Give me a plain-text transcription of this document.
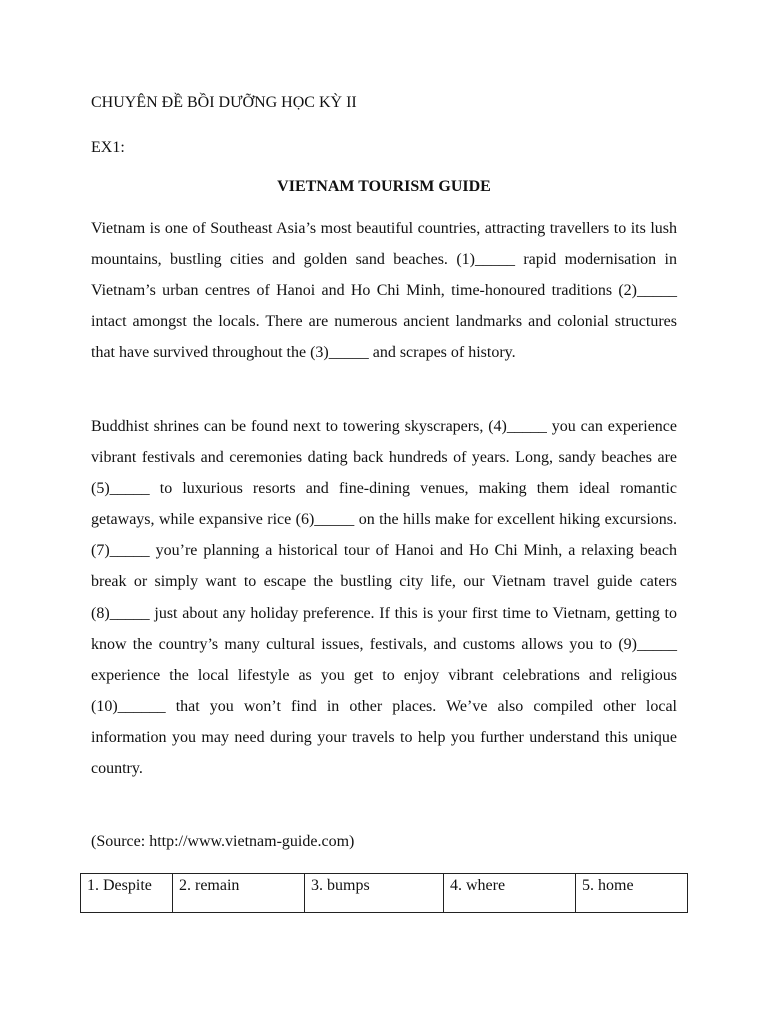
CHUYÊN ĐỀ BỒI DƯỠNG HỌC KỲ II
EX1:
VIETNAM TOURISM GUIDE

Vietnam is one of Southeast Asia’s most beautiful countries, attracting travellers to its lush mountains, bustling cities and golden sand beaches. (1)_____ rapid modernisation in Vietnam’s urban centres of Hanoi and Ho Chi Minh, time-honoured traditions (2)_____ intact amongst the locals. There are numerous ancient landmarks and colonial structures that have survived throughout the (3)_____ and scrapes of history.

Buddhist shrines can be found next to towering skyscrapers, (4)_____ you can experience vibrant festivals and ceremonies dating back hundreds of years. Long, sandy beaches are (5)_____ to luxurious resorts and fine-dining venues, making them ideal romantic getaways, while expansive rice (6)_____ on the hills make for excellent hiking excursions. (7)_____ you’re planning a historical tour of Hanoi and Ho Chi Minh, a relaxing beach break or simply want to escape the bustling city life, our Vietnam travel guide caters (8)_____ just about any holiday preference. If this is your first time to Vietnam, getting to know the country’s many cultural issues, festivals, and customs allows you to (9)_____ experience the local lifestyle as you get to enjoy vibrant celebrations and religious (10)______ that you won’t find in other places. We’ve also compiled other local information you may need during your travels to help you further understand this unique country.

(Source: http://www.vietnam-guide.com)
1. Despite	2. remain	3. bumps	4. where	5. home
